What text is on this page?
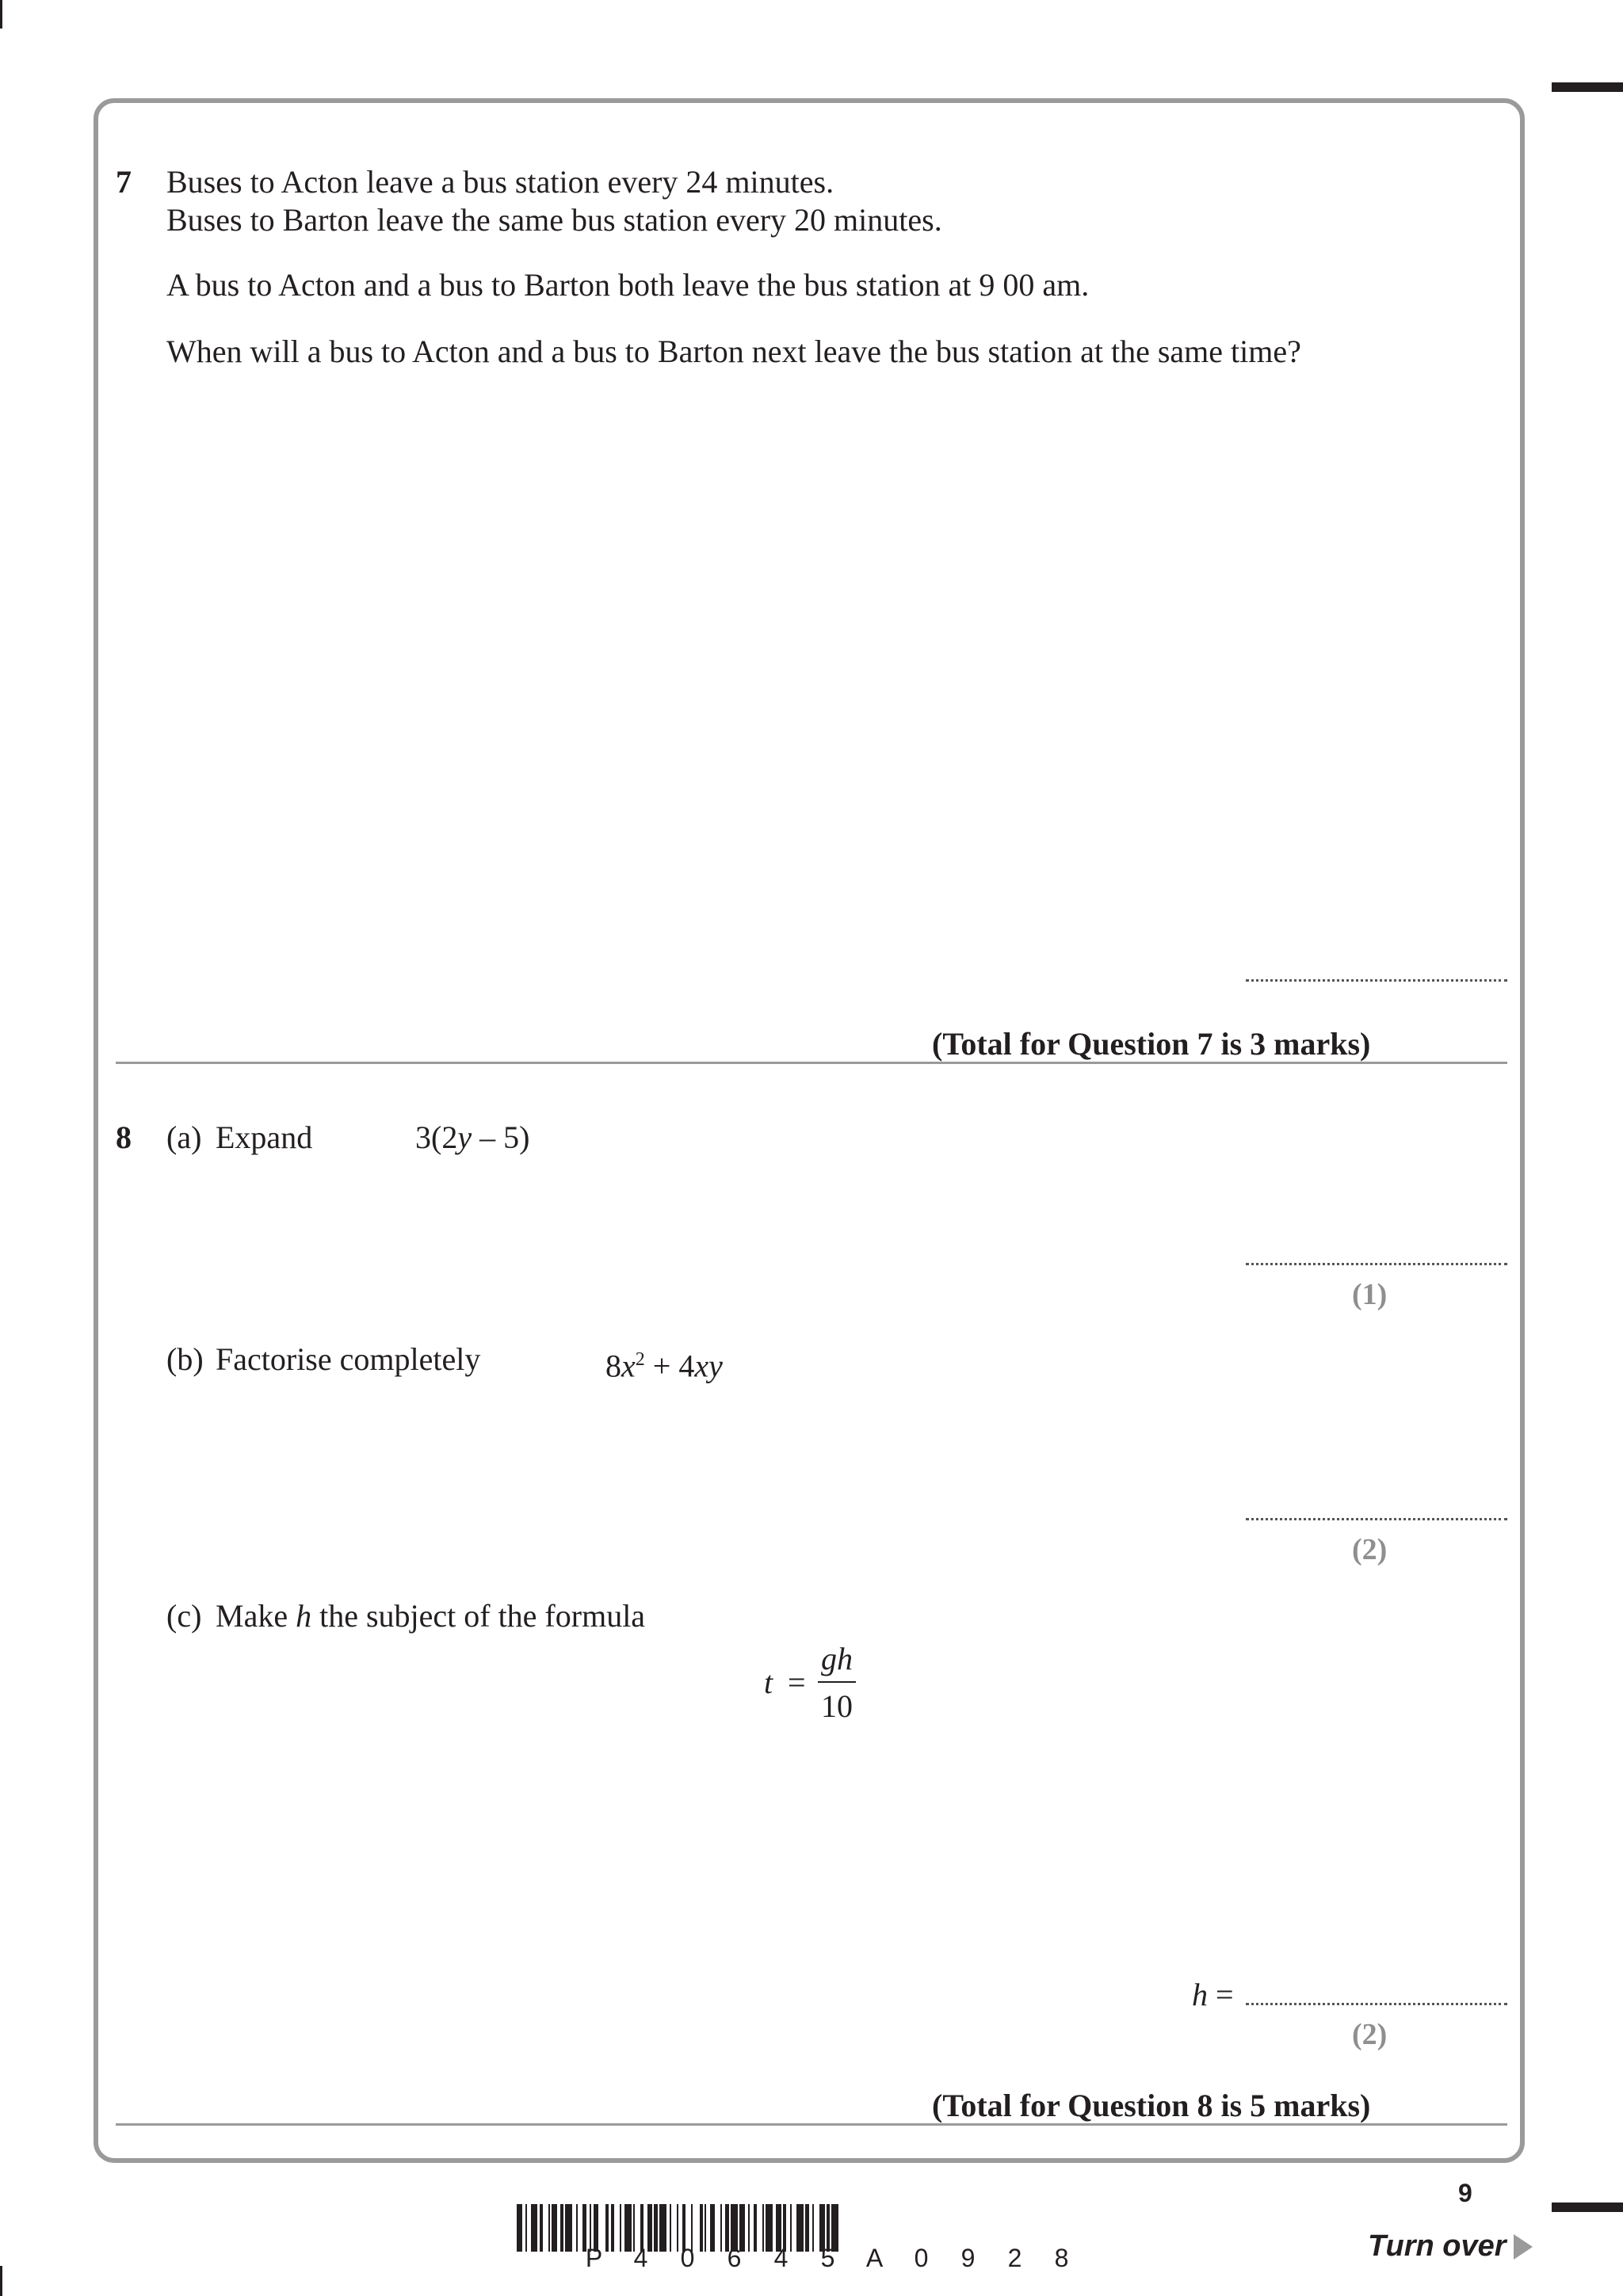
7 Buses to Acton leave a bus station every 24 minutes.
Buses to Barton leave the same bus station every 20 minutes.
A bus to Acton and a bus to Barton both leave the bus station at 9 00 am.
When will a bus to Acton and a bus to Barton next leave the bus station at the same time?
(Total for Question 7 is 3 marks)
8 (a) Expand	3(2y – 5)
(1)
(b) Factorise completely	$8x^2 + 4xy$
(2)
(c) Make h the subject of the formula
t =
gh
10
h =
(2)
(Total for Question 8 is 5 marks)
9
P 4 0 6 4 5 A 0 9 2 8	Turn over
